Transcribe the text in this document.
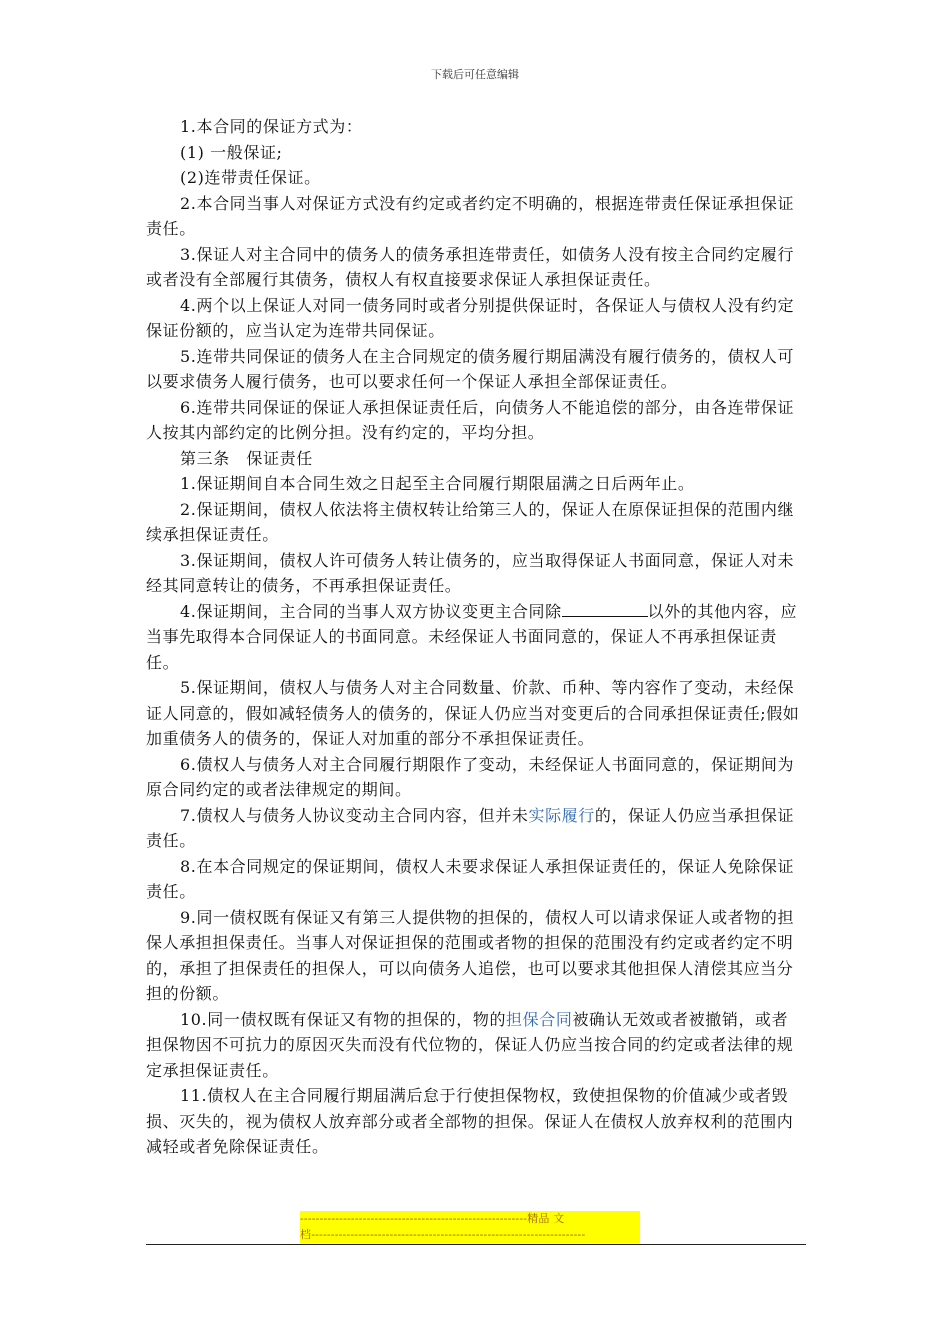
下载后可任意编辑

1.本合同的保证方式为：

(1) 一般保证;

(2)连带责任保证。

2.本合同当事人对保证方式没有约定或者约定不明确的，根据连带责任保证承担保证责任。

3.保证人对主合同中的债务人的债务承担连带责任，如债务人没有按主合同约定履行或者没有全部履行其债务，债权人有权直接要求保证人承担保证责任。

4.两个以上保证人对同一债务同时或者分别提供保证时，各保证人与债权人没有约定保证份额的，应当认定为连带共同保证。

5.连带共同保证的债务人在主合同规定的债务履行期届满没有履行债务的，债权人可以要求债务人履行债务，也可以要求任何一个保证人承担全部保证责任。

6.连带共同保证的保证人承担保证责任后，向债务人不能追偿的部分，由各连带保证人按其内部约定的比例分担。没有约定的，平均分担。

第三条　保证责任

1.保证期间自本合同生效之日起至主合同履行期限届满之日后两年止。

2.保证期间，债权人依法将主债权转让给第三人的，保证人在原保证担保的范围内继续承担保证责任。

3.保证期间，债权人许可债务人转让债务的，应当取得保证人书面同意，保证人对未经其同意转让的债务，不再承担保证责任。

4.保证期间，主合同的当事人双方协议变更主合同除	以外的其他内容，应当事先取得本合同保证人的书面同意。未经保证人书面同意的，保证人不再承担保证责任。

5.保证期间，债权人与债务人对主合同数量、价款、币种、等内容作了变动，未经保证人同意的，假如减轻债务人的债务的，保证人仍应当对变更后的合同承担保证责任;假如加重债务人的债务的，保证人对加重的部分不承担保证责任。

6.债权人与债务人对主合同履行期限作了变动，未经保证人书面同意的，保证期间为原合同约定的或者法律规定的期间。

7.债权人与债务人协议变动主合同内容，但并未实际履行的，保证人仍应当承担保证责任。

8.在本合同规定的保证期间，债权人未要求保证人承担保证责任的，保证人免除保证责任。

9.同一债权既有保证又有第三人提供物的担保的，债权人可以请求保证人或者物的担保人承担担保责任。当事人对保证担保的范围或者物的担保的范围没有约定或者约定不明的，承担了担保责任的担保人，可以向债务人追偿，也可以要求其他担保人清偿其应当分担的份额。

10.同一债权既有保证又有物的担保的，物的担保合同被确认无效或者被撤销，或者担保物因不可抗力的原因灭失而没有代位物的，保证人仍应当按合同的约定或者法律的规定承担保证责任。

11.债权人在主合同履行期届满后怠于行使担保物权，致使担保物的价值减少或者毁损、灭失的，视为债权人放弃部分或者全部物的担保。保证人在债权人放弃权利的范围内减轻或者免除保证责任。

----------------------------------------------------------精品 文
档----------------------------------------------------------------------
